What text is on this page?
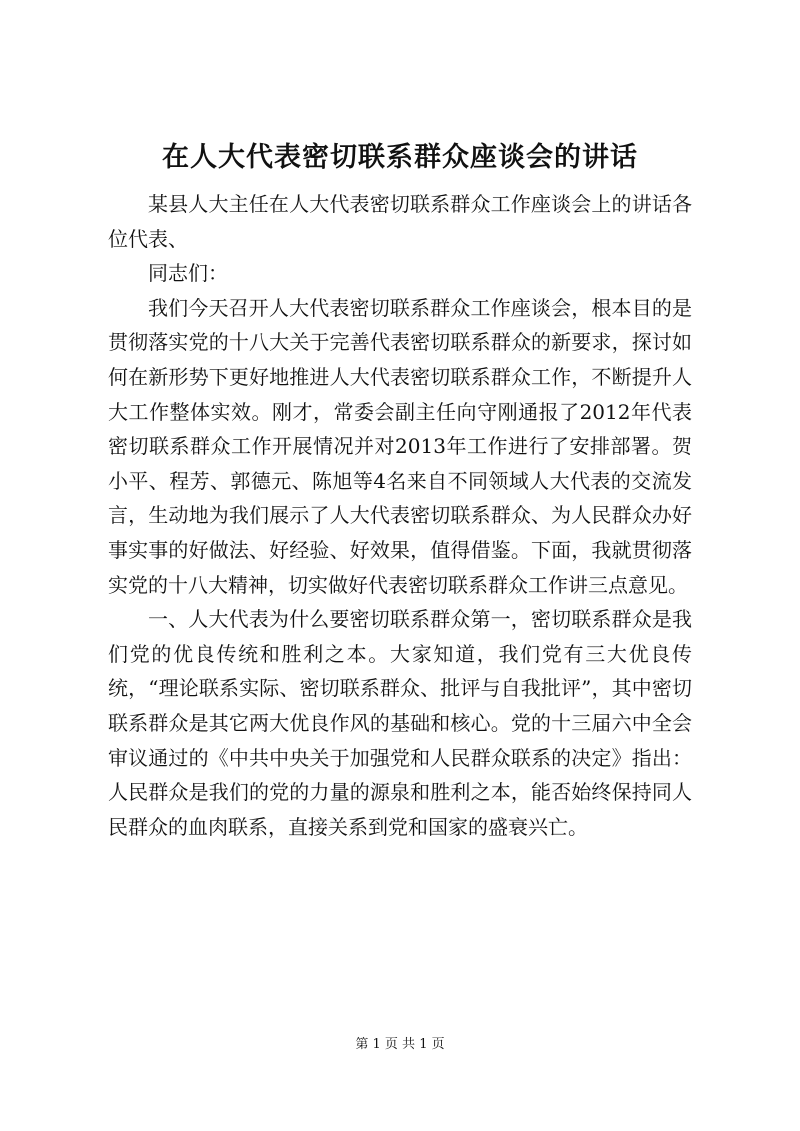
在人大代表密切联系群众座谈会的讲话

某县人大主任在人大代表密切联系群众工作座谈会上的讲话各位代表、

同志们：

我们今天召开人大代表密切联系群众工作座谈会，根本目的是贯彻落实党的十八大关于完善代表密切联系群众的新要求，探讨如何在新形势下更好地推进人大代表密切联系群众工作，不断提升人大工作整体实效。刚才，常委会副主任向守刚通报了2012年代表密切联系群众工作开展情况并对2013年工作进行了安排部署。贺小平、程芳、郭德元、陈旭等4名来自不同领域人大代表的交流发言，生动地为我们展示了人大代表密切联系群众、为人民群众办好事实事的好做法、好经验、好效果，值得借鉴。下面，我就贯彻落实党的十八大精神，切实做好代表密切联系群众工作讲三点意见。

一、人大代表为什么要密切联系群众第一，密切联系群众是我们党的优良传统和胜利之本。大家知道，我们党有三大优良传统，“理论联系实际、密切联系群众、批评与自我批评”，其中密切联系群众是其它两大优良作风的基础和核心。党的十三届六中全会审议通过的《中共中央关于加强党和人民群众联系的决定》指出：人民群众是我们的党的力量的源泉和胜利之本，能否始终保持同人民群众的血肉联系，直接关系到党和国家的盛衰兴亡。

第 1 页 共 1 页
